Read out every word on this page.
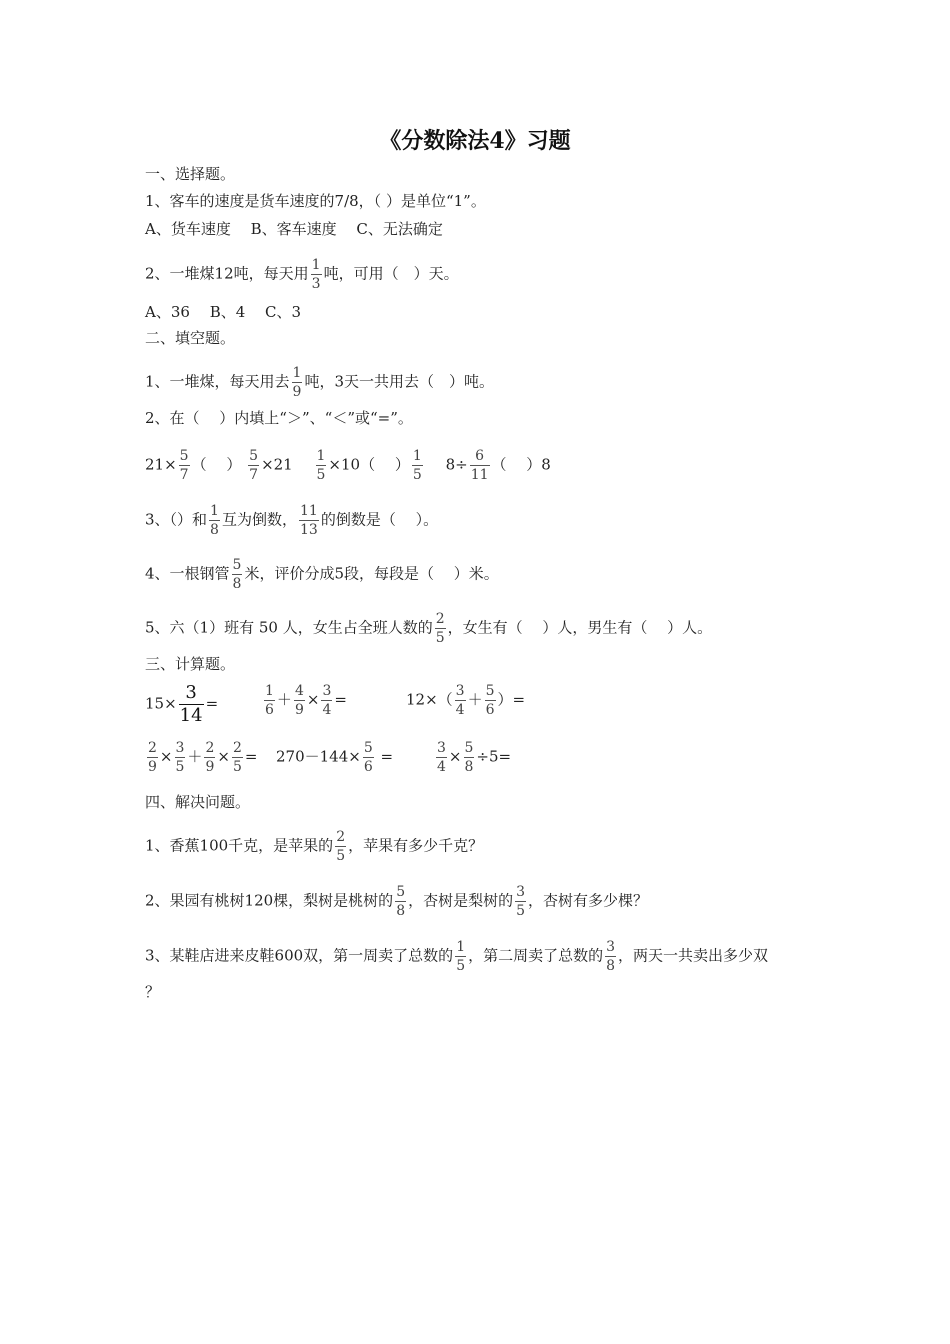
《分数除法4》习题
一、选择题。
1、客车的速度是货车速度的7/8，（ ）是单位“1”。
A、货车速度　 B、客车速度　 C、无法确定
2、一堆煤12吨，每天用 $\frac{1}{3}$ 吨，可用（　）天。
A、36　 B、4　 C、3
二、填空题。
1、一堆煤，每天用去 $\frac{1}{9}$ 吨，3天一共用去（　）吨。
2、在（　 ）内填上“＞”、“＜”或“=”。
$21\times \frac{5}{7}$ （　 ） $\frac{5}{7} \times 21 \frac{1}{5} \times 10$（　 ） $\frac{1}{5} 8\div \frac{6}{11}$ （　 ）8
3、（）和 $\frac{1}{8}$ 互为倒数， $\frac{11}{13}$ 的倒数是（　 ）。
4、一根钢管 $\frac{5}{8}$ 米，评价分成5段，每段是（　 ）米。
5、六（1）班有 50 人，女生占全班人数的 $\frac{2}{5}$ ，女生有（　 ）人，男生有（　 ）人。
三、计算题。
$15\times \frac{3}{14}$ =	$\frac{1}{6} + \frac{4}{9} \times \frac{3}{4}$ =	$12\times( \frac{3}{4} + \frac{5}{6}$ ）=
$\frac{2}{9} \times \frac{3}{5} + \frac{2}{9} \times \frac{2}{5} = 270-144\times \frac{5}{6}$ =	$\frac{3}{4} \times \frac{5}{8} \div 5=$
四、解决问题。
1、香蕉100千克，是苹果的 $\frac{2}{5}$ ，苹果有多少千克？
2、果园有桃树120棵，梨树是桃树的 $\frac{5}{8}$ ，杏树是梨树的 $\frac{3}{5}$ ，杏树有多少棵？
3、某鞋店进来皮鞋600双，第一周卖了总数的 $\frac{1}{5}$ ，第二周卖了总数的 $\frac{3}{8}$ ，两天一共卖出多少双
？
